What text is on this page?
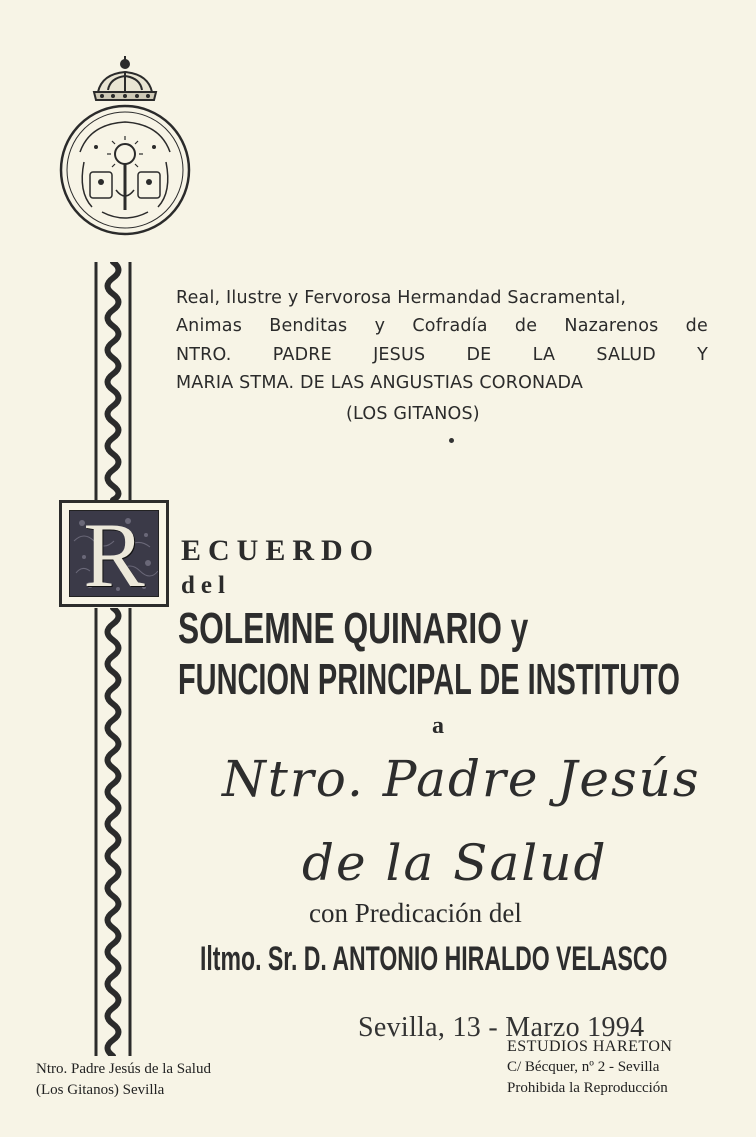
R
Real, Ilustre y Fervorosa Hermandad Sacramental,
Animas Benditas y Cofradía de Nazarenos de
NTRO. PADRE JESUS DE LA SALUD Y
MARIA STMA. DE LAS ANGUSTIAS CORONADA
(LOS GITANOS)
ECUERDO
del
SOLEMNE QUINARIO y
FUNCION PRINCIPAL DE INSTITUTO
a
Ntro. Padre Jesús
de la Salud
con Predicación del
Iltmo. Sr. D. ANTONIO HIRALDO VELASCO
Sevilla, 13 - Marzo 1994
Ntro. Padre Jesús de la Salud
(Los Gitanos) Sevilla
ESTUDIOS HARETON
C/ Bécquer, nº 2 - Sevilla
Prohibida la Reproducción
